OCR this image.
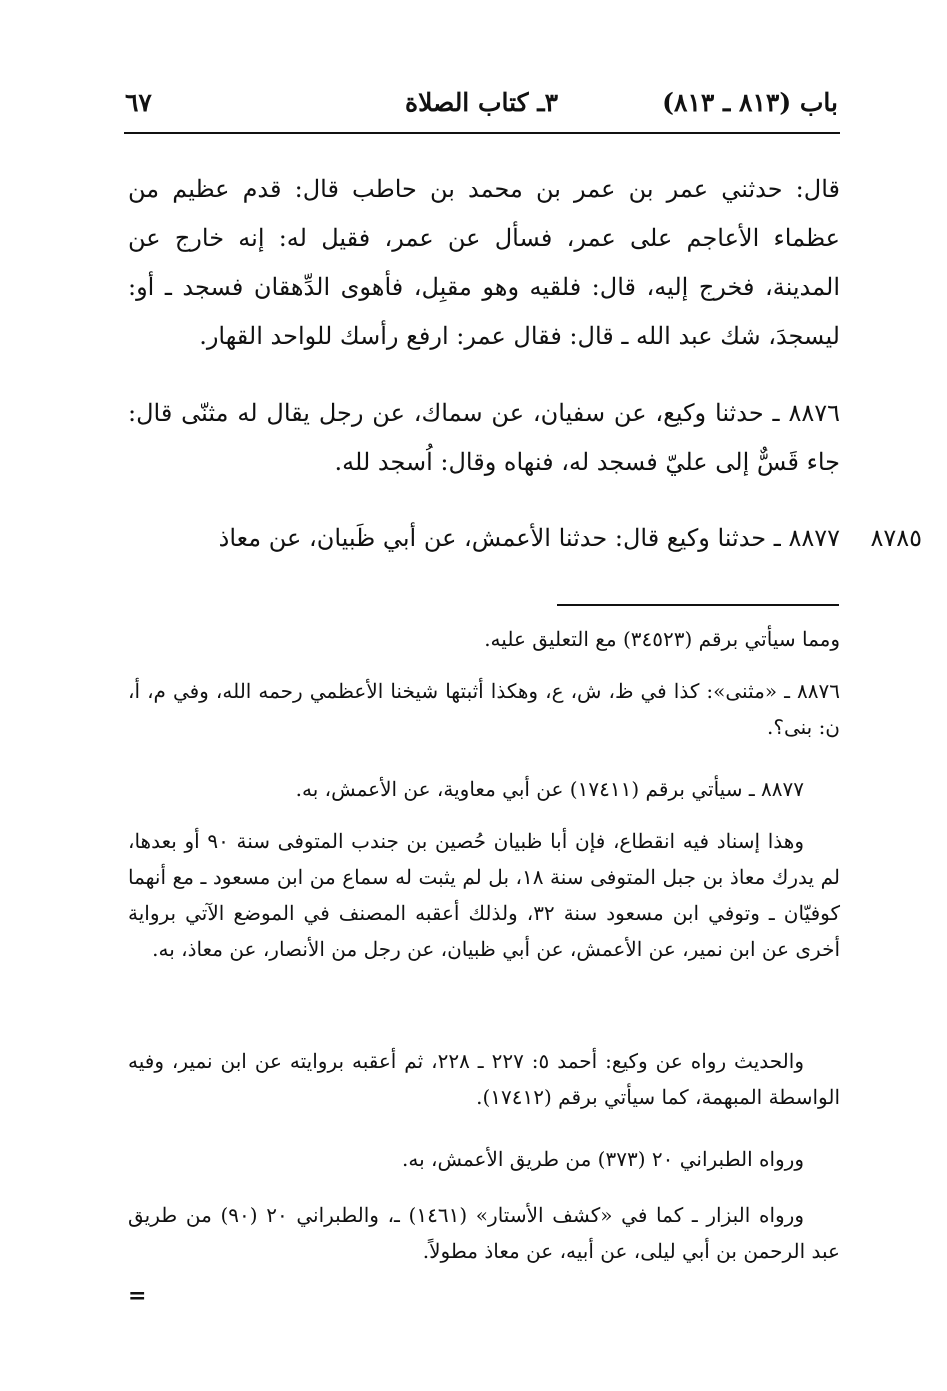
باب (٨١٣ ـ ٨١٣)
٣ـ كتاب الصلاة
٦٧
قال: حدثني عمر بن عمر بن محمد بن حاطب قال: قدم عظيم من عظماء الأعاجم على عمر، فسأل عن عمر، فقيل له: إنه خارج عن المدينة، فخرج إليه، قال: فلقيه وهو مقبِل، فأهوى الدِّهقان فسجد ـ أو: ليسجدَ، شك عبد الله ـ قال: فقال عمر: ارفع رأسك للواحد القهار.
٨٨٧٦ ـ حدثنا وكيع، عن سفيان، عن سماك، عن رجل يقال له مثنّى قال: جاء قَسٌّ إلى عليّ فسجد له، فنهاه وقال: اُسجد لله.
٨٨٧٧ ـ حدثنا وكيع قال: حدثنا الأعمش، عن أبي ظَبيان، عن معاذ	٨٧٨٥
ومما سيأتي برقم (٣٤٥٢٣) مع التعليق عليه.
٨٨٧٦ ـ «مثنى»: كذا في ظ، ش، ع، وهكذا أثبتها شيخنا الأعظمي رحمه الله، وفي م، أ، ن: بنى؟.
٨٨٧٧ ـ سيأتي برقم (١٧٤١١) عن أبي معاوية، عن الأعمش، به.
وهذا إسناد فيه انقطاع، فإن أبا ظبيان حُصين بن جندب المتوفى سنة ٩٠ أو بعدها، لم يدرك معاذ بن جبل المتوفى سنة ١٨، بل لم يثبت له سماع من ابن مسعود ـ مع أنهما كوفيّان ـ وتوفي ابن مسعود سنة ٣٢، ولذلك أعقبه المصنف في الموضع الآتي برواية أخرى عن ابن نمير، عن الأعمش، عن أبي ظبيان، عن رجل من الأنصار، عن معاذ، به.
والحديث رواه عن وكيع: أحمد ٥: ٢٢٧ ـ ٢٢٨، ثم أعقبه بروايته عن ابن نمير، وفيه الواسطة المبهمة، كما سيأتي برقم (١٧٤١٢).
ورواه الطبراني ٢٠ (٣٧٣) من طريق الأعمش، به.
ورواه البزار ـ كما في «كشف الأستار» (١٤٦١) ـ، والطبراني ٢٠ (٩٠) من طريق عبد الرحمن بن أبي ليلى، عن أبيه، عن معاذ مطولاً.
=
